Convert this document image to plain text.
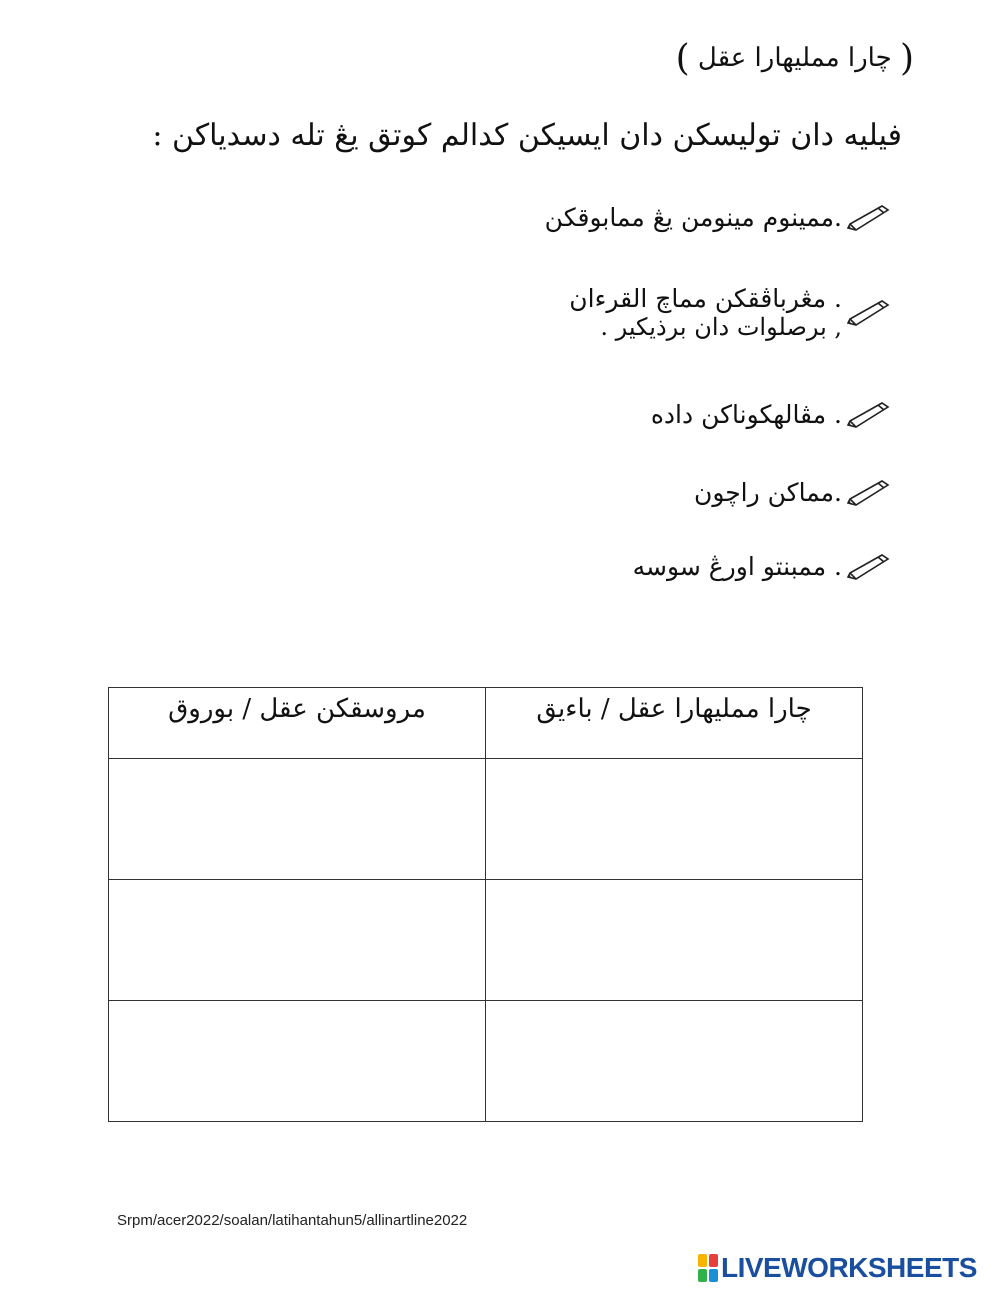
( چارا مملیهارا عقل )
فيليه دان توليسكن دان ايسيكن كدالم كوتق يڠ تله دسدياكن :
.ممينوم مينومن يڠ ممابوقكن
. مڠرباڤقكن مماچ القرءان
, برصلوات دان برذيكير .
. مڤالهكوناكن داده
.مماكن راچون
. ممبنتو اورڠ سوسه
مروسقكن عقل / بوروق	چارا مملیهارا عقل / باءيق

Srpm/acer2022/soalan/latihantahun5/allinartline2022
LIVEWORKSHEETS
